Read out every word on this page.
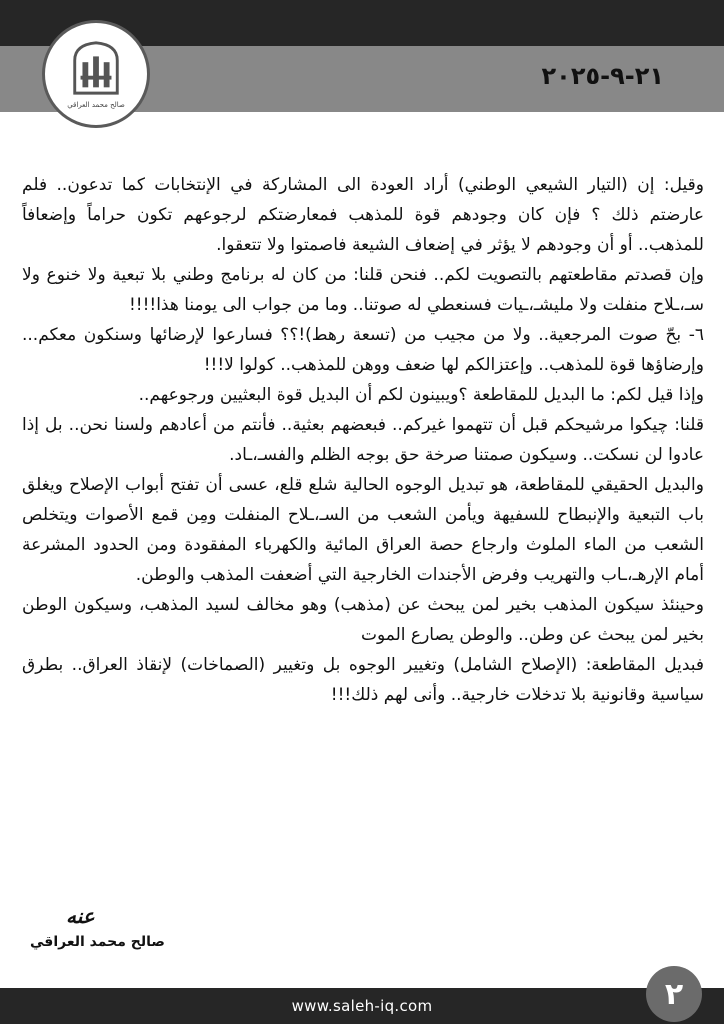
٢١-٩-٢٠٢٥
صالح محمد العراقي

وقيل: إن (التيار الشيعي الوطني) أراد العودة الى المشاركة في الإنتخابات كما تدعون.. فلم عارضتم ذلك ؟ فإن كان وجودهم قوة للمذهب فمعارضتكم لرجوعهم تكون حراماً وإضعافاً للمذهب.. أو أن وجودهم لا يؤثر في إضعاف الشيعة فاصمتوا ولا تتعقوا.

وإن قصدتم مقاطعتهم بالتصويت لكم.. فنحن قلنا: من كان له برنامج وطني بلا تبعية ولا خنوع ولا سـ،ـلاح منفلت ولا مليشـ،ـيات فسنعطي له صوتنا.. وما من جواب الى يومنا هذا!!!!

٦- بحّ صوت المرجعية.. ولا من مجيب من (تسعة رهط)!؟؟ فسارعوا لإرضائها وسنكون معكم... وإرضاؤها قوة للمذهب.. وإعتزالكم لها ضعف ووهن للمذهب.. كولوا لا!!!

وإذا قيل لكم: ما البديل للمقاطعة ؟ويبينون لكم أن البديل قوة البعثيين ورجوعهم..

قلنا: چيكوا مرشيحكم قبل أن تتهموا غيركم.. فبعضهم بعثية.. فأنتم من أعادهم ولسنا نحن.. بل إذا عادوا لن نسكت.. وسيكون صمتنا صرخة حق بوجه الظلم والفسـ،ـاد.

والبديل الحقيقي للمقاطعة، هو تبديل الوجوه الحالية شلع قلع، عسى أن تفتح أبواب الإصلاح ويغلق باب التبعية والإنبطاح للسفيهة ويأمن الشعب من السـ،ـلاح المنفلت ومِن قمع الأصوات ويتخلص الشعب من الماء الملوث وارجاع حصة العراق المائية والكهرباء المفقودة ومن الحدود المشرعة أمام الإرهـ،ـاب والتهريب وفرض الأجندات الخارجية التي أضعفت المذهب والوطن.

وحينئذ سيكون المذهب بخير لمن يبحث عن (مذهب) وهو مخالف لسيد المذهب، وسيكون الوطن بخير لمن يبحث عن وطن.. والوطن يصارع الموت

فبديل المقاطعة: (الإصلاح الشامل) وتغيير الوجوه بل وتغيير (الصماخات) لإنقاذ العراق.. بطرق سياسية وقانونية بلا تدخلات خارجية.. وأنى لهم ذلك!!!

عنه
صالح محمد العراقي
www.saleh-iq.com	٢
